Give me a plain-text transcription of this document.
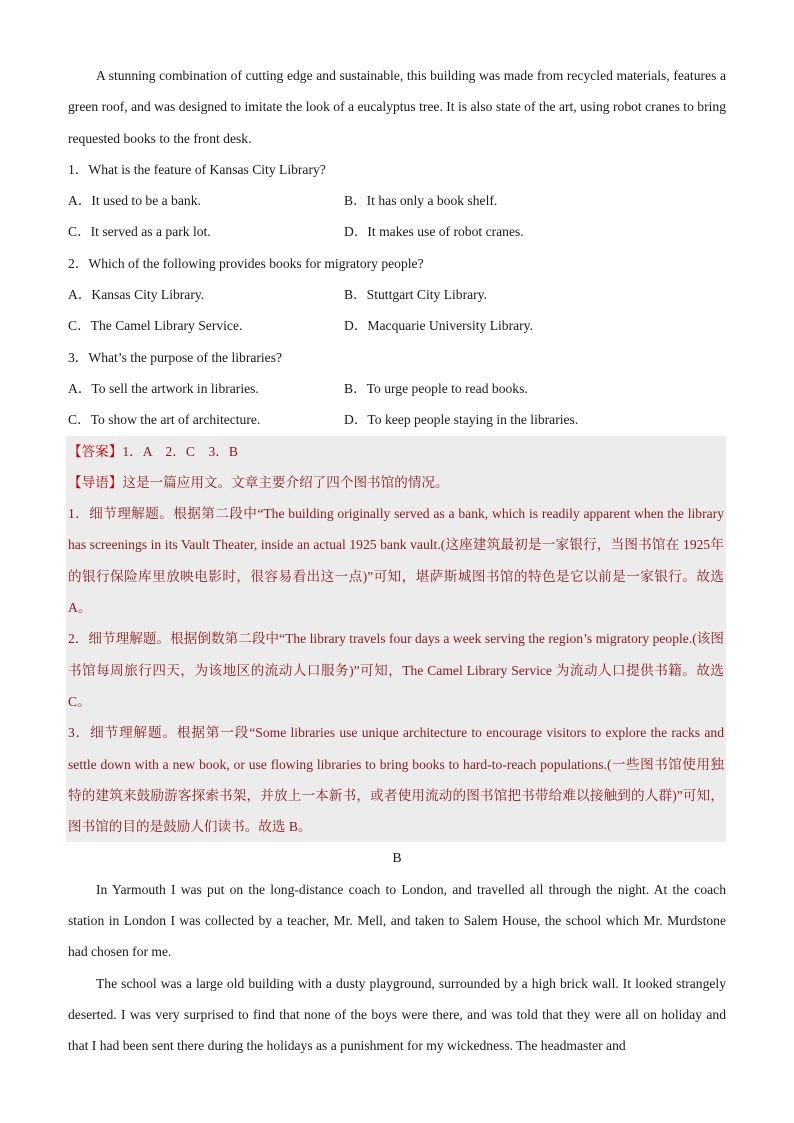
A stunning combination of cutting edge and sustainable, this building was made from recycled materials, features a green roof, and was designed to imitate the look of a eucalyptus tree. It is also state of the art, using robot cranes to bring requested books to the front desk.

1．What is the feature of Kansas City Library?

A．It used to be a bank.	B．It has only a book shelf.
C．It served as a park lot.	D．It makes use of robot cranes.

2．Which of the following provides books for migratory people?

A．Kansas City Library.	B．Stuttgart City Library.
C．The Camel Library Service.	D．Macquarie University Library.

3．What’s the purpose of the libraries?

A．To sell the artwork in libraries.	B．To urge people to read books.
C．To show the art of architecture.	D．To keep people staying in the libraries.

【答案】1．A　2．C　3．B

【导语】这是一篇应用文。文章主要介绍了四个图书馆的情况。

1．细节理解题。根据第二段中“The building originally served as a bank, which is readily apparent when the library has screenings in its Vault Theater, inside an actual 1925 bank vault.(这座建筑最初是一家银行，当图书馆在 1925年的银行保险库里放映电影时，很容易看出这一点)”可知，堪萨斯城图书馆的特色是它以前是一家银行。故选 A。

2．细节理解题。根据倒数第二段中“The library travels four days a week serving the region’s migratory people.(该图书馆每周旅行四天，为该地区的流动人口服务)”可知，The Camel Library Service 为流动人口提供书籍。故选 C。

3．细节理解题。根据第一段“Some libraries use unique architecture to encourage visitors to explore the racks and settle down with a new book, or use flowing libraries to bring books to hard-to-reach populations.(一些图书馆使用独特的建筑来鼓励游客探索书架，并放上一本新书，或者使用流动的图书馆把书带给难以接触到的人群)”可知，图书馆的目的是鼓励人们读书。故选 B。

B

In Yarmouth I was put on the long-distance coach to London, and travelled all through the night. At the coach station in London I was collected by a teacher, Mr. Mell, and taken to Salem House, the school which Mr. Murdstone had chosen for me.

The school was a large old building with a dusty playground, surrounded by a high brick wall. It looked strangely deserted. I was very surprised to find that none of the boys were there, and was told that they were all on holiday and that I had been sent there during the holidays as a punishment for my wickedness. The headmaster and
